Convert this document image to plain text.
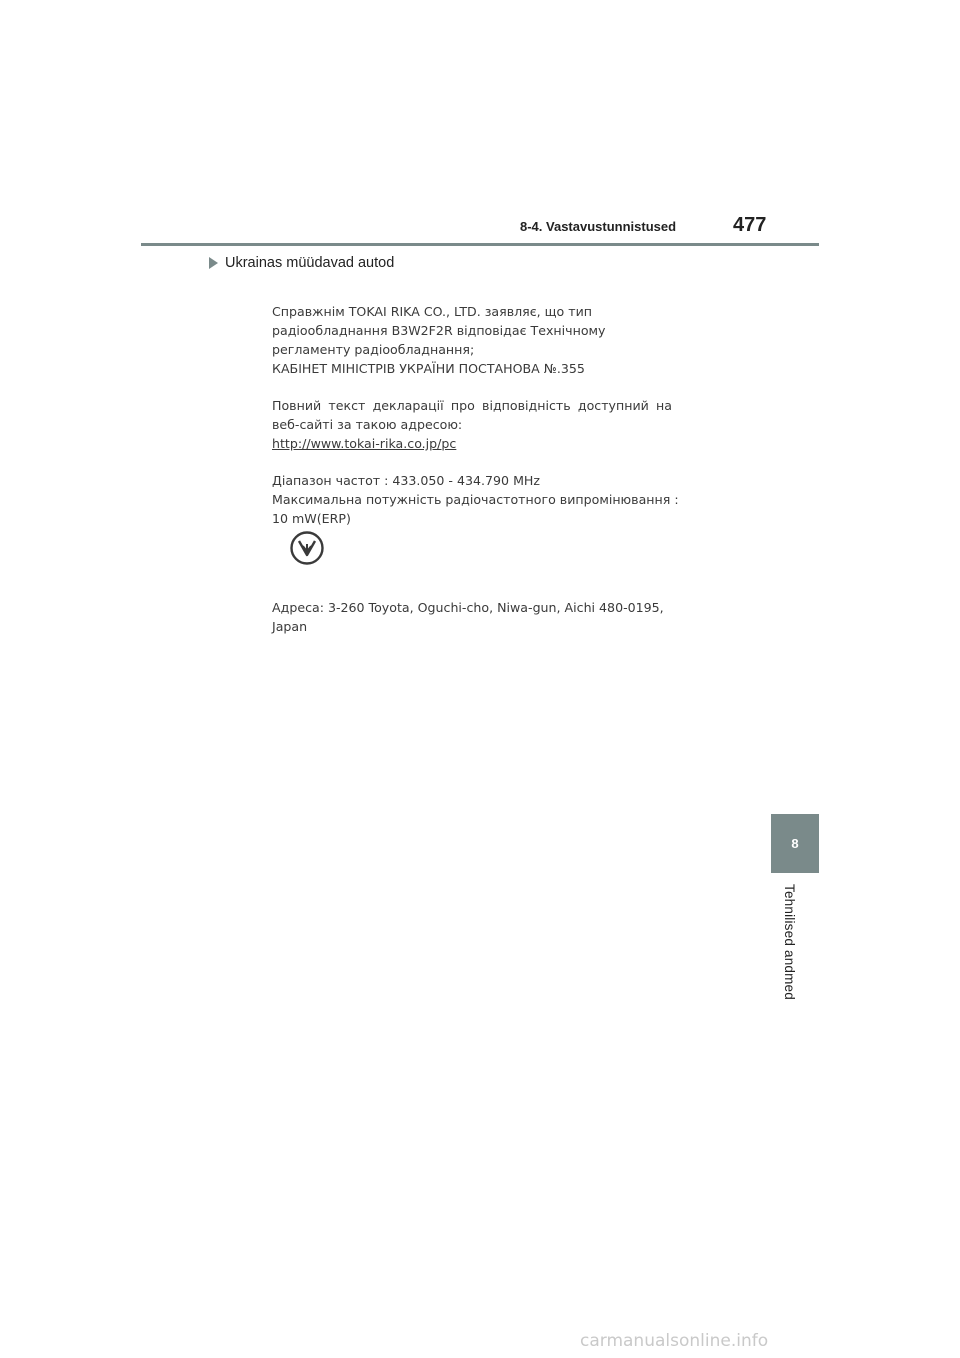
8-4. Vastavustunnistused	477
Ukrainas müüdavad autod
Справжнім TOKAI RIKA CO., LTD. заявляє, що тип
радіообладнання B3W2F2R відповідає Технічному
регламенту радіообладнання;
КАБІНЕТ МІНІСТРІВ УКРАЇНИ ПОСТАНОВА №.355
Повний текст декларації про відповідність доступний на
веб-сайті за такою адресою:
http://www.tokai-rika.co.jp/pc
Діапазон частот : 433.050 - 434.790 MHz
Максимальна потужність радіочастотного випромінювання :
10 mW(ERP)
Адреса: 3-260 Toyota, Oguchi-cho, Niwa-gun, Aichi 480-0195,
Japan
8
Tehnilised andmed
carmanualsonline.info
